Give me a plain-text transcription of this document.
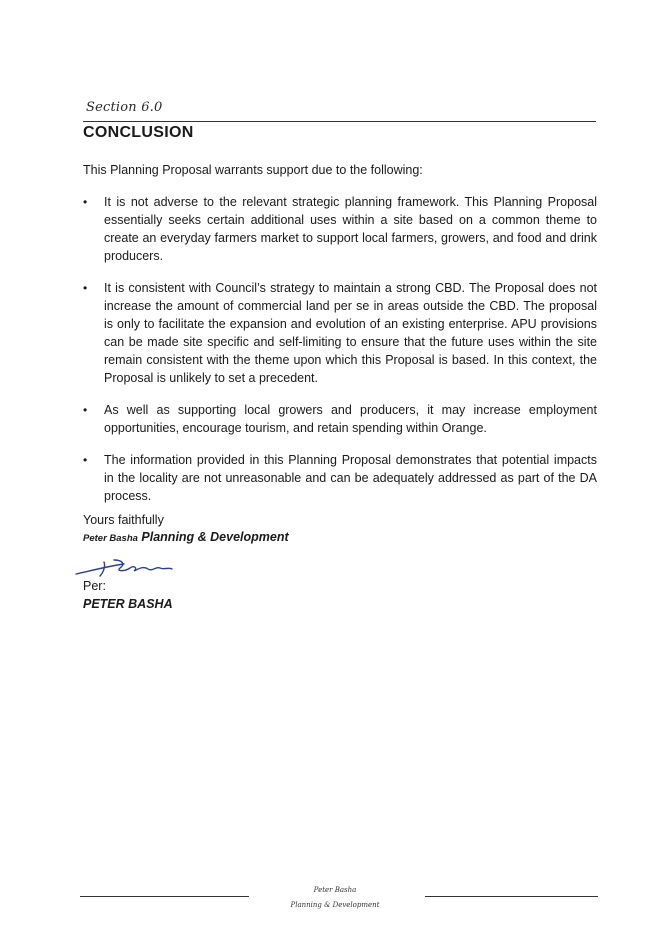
Section 6.0
CONCLUSION
This Planning Proposal warrants support due to the following:
• It is not adverse to the relevant strategic planning framework. This Planning Proposal essentially seeks certain additional uses within a site based on a common theme to create an everyday farmers market to support local farmers, growers, and food and drink producers.
• It is consistent with Council’s strategy to maintain a strong CBD. The Proposal does not increase the amount of commercial land per se in areas outside the CBD. The proposal is only to facilitate the expansion and evolution of an existing enterprise. APU provisions can be made site specific and self-limiting to ensure that the future uses within the site remain consistent with the theme upon which this Proposal is based. In this context, the Proposal is unlikely to set a precedent.
• As well as supporting local growers and producers, it may increase employment opportunities, encourage tourism, and retain spending within Orange.
• The information provided in this Planning Proposal demonstrates that potential impacts in the locality are not unreasonable and can be adequately addressed as part of the DA process.
Yours faithfully
Peter Basha Planning & Development
Per:
PETER BASHA
Peter Basha
Planning & Development
